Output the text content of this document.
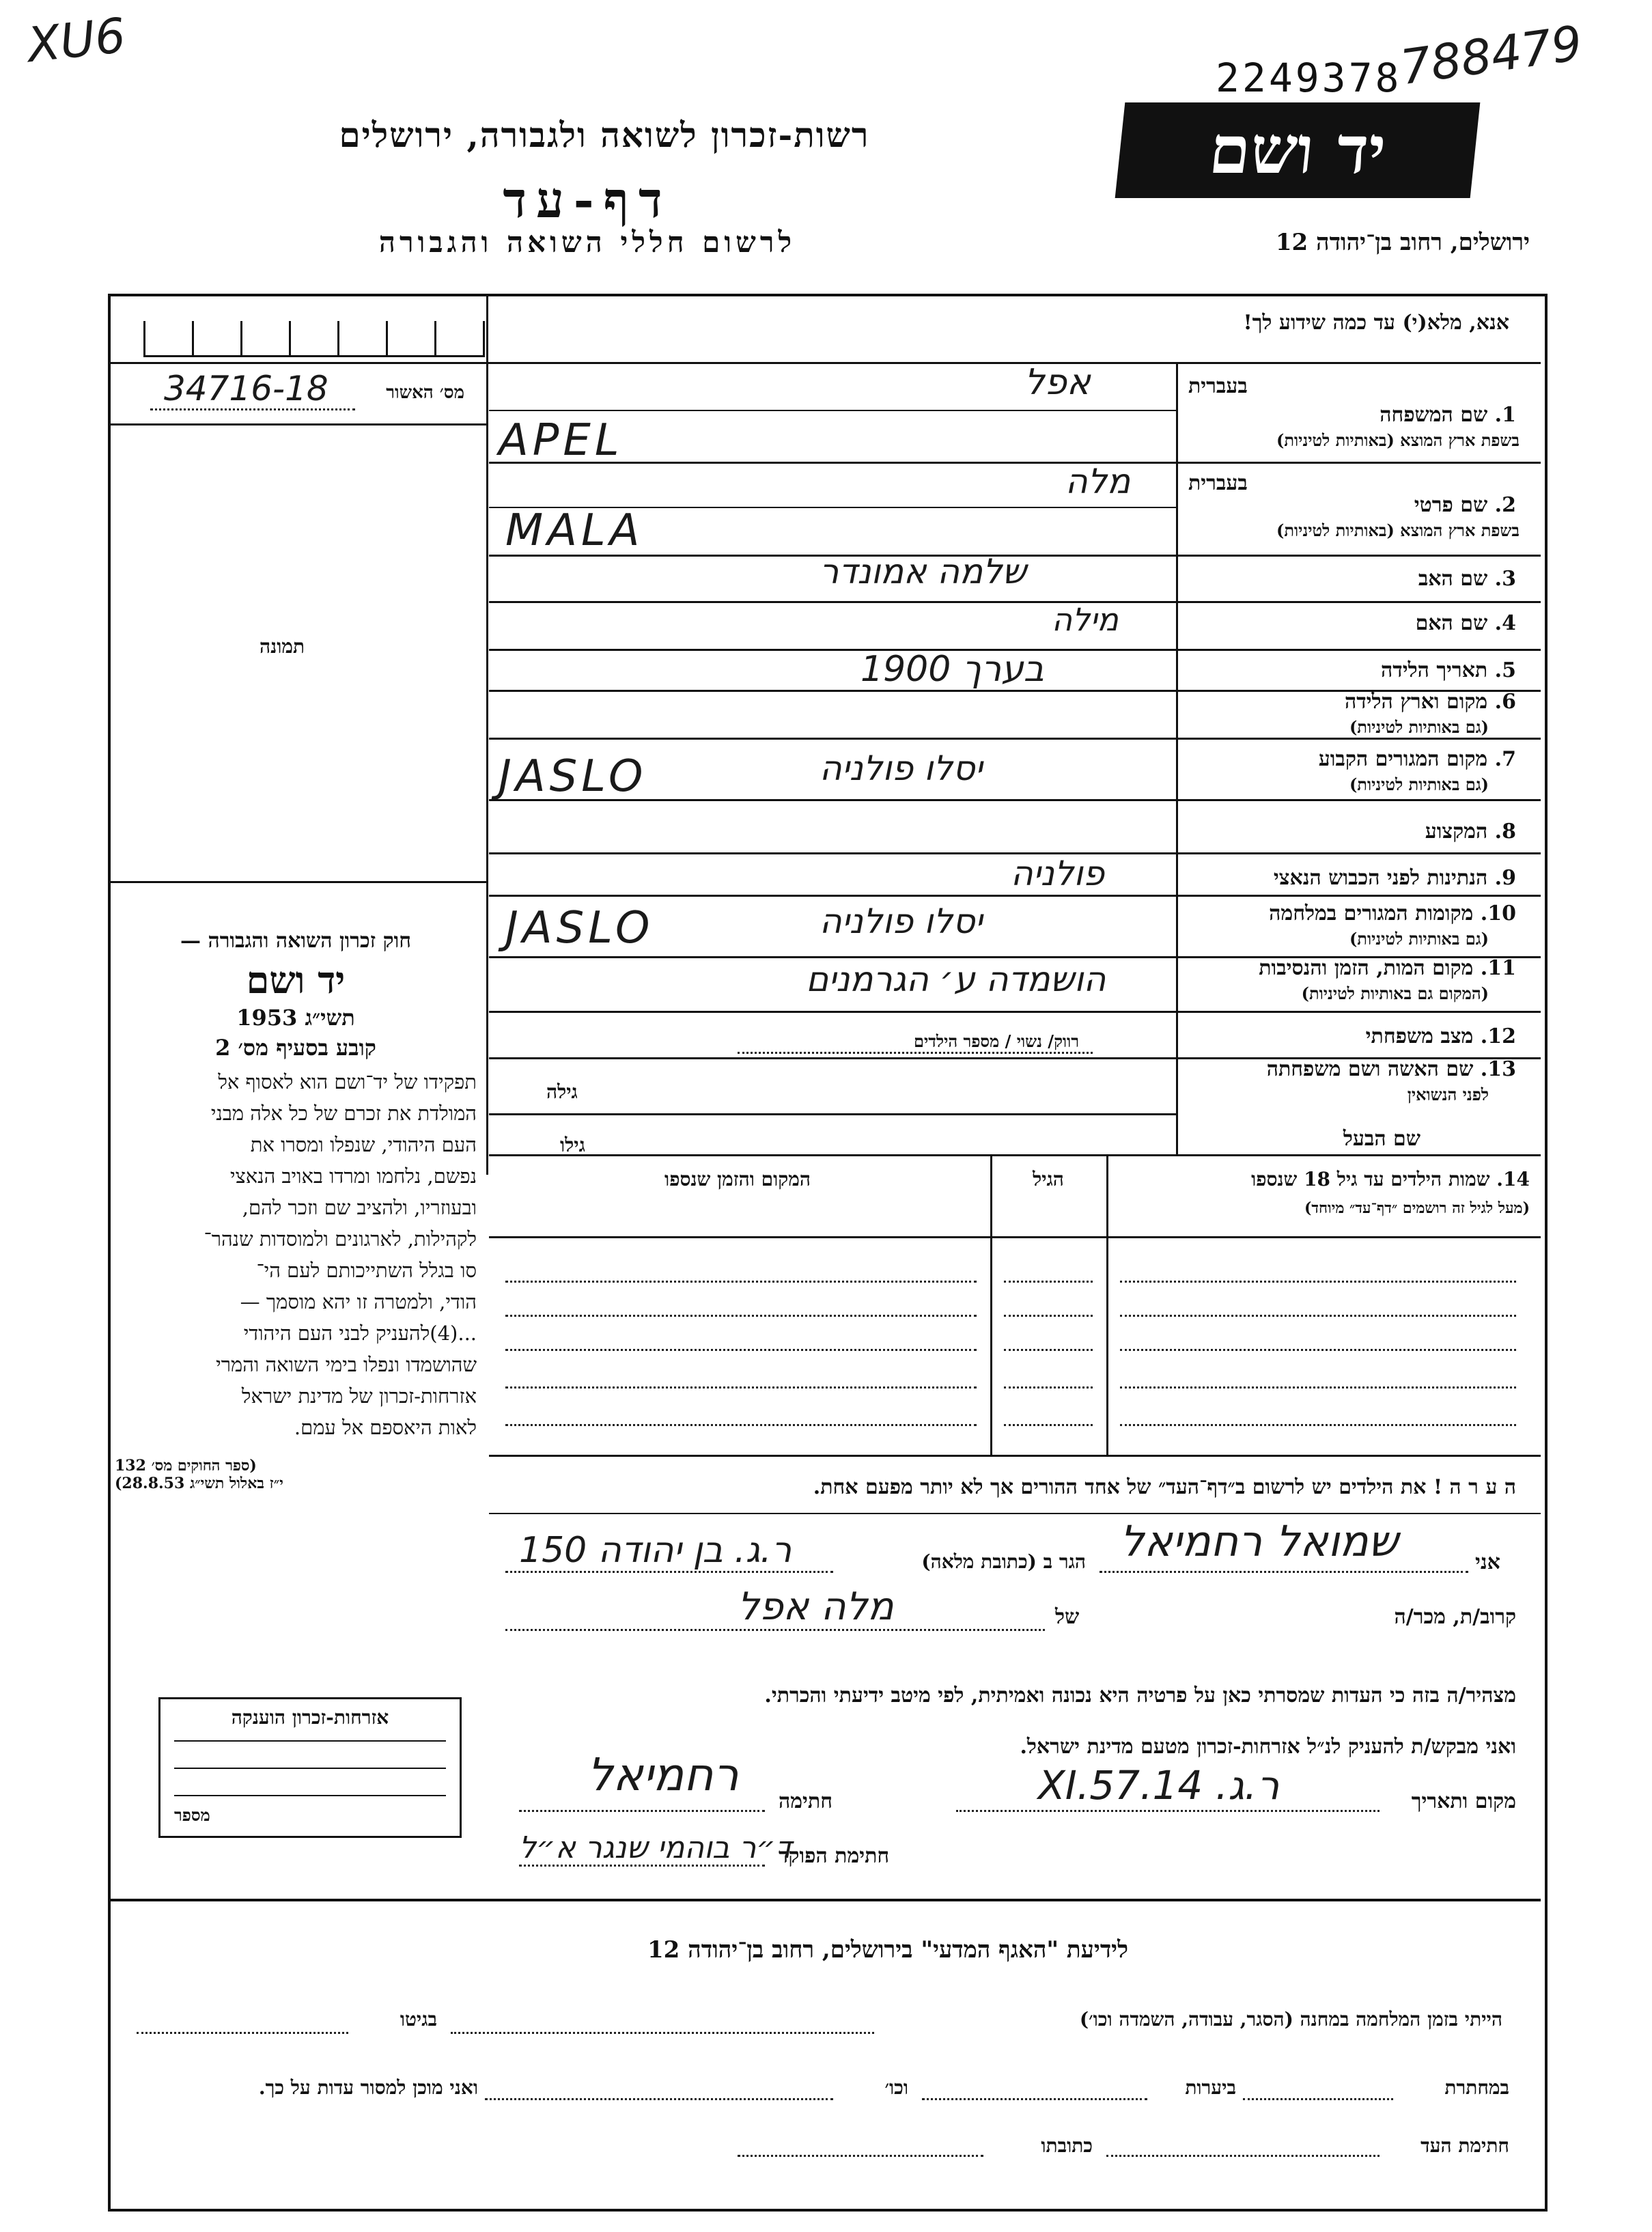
XU6
2249378
788479
רשות-זכרון לשואה ולגבורה, ירושלים
דף-עד
לרשום חללי השואה והגבורה
יד ושם
ירושלים, רחוב בן־יהודה 12
אנא, מלא(י) עד כמה שידוע לך!
מס׳ האשור
34716-18
תמונה
חוק זכרון השואה והגבורה —
יד ושם
תשי״ג 1953
קובע בסעיף מס׳ 2
תפקידו של יד־ושם הוא לאסוף אל
המולדת את זכרם של כל אלה מבני
העם היהודי, שנפלו ומסרו את
נפשם, נלחמו ומרדו באויב הנאצי
ובעוזריו, ולהציב שם וזכר להם,
לקהילות, לארגונים ולמוסדות שנהר־
סו בגלל השתייכותם לעם הי־
הודי, ולמטרה זו יהא מוסמך —
...(4)להעניק לבני העם היהודי
שהושמדו ונפלו בימי השואה והמרי
אזרחות-זכרון של מדינת ישראל
לאות היאספם אל עמם.
(ספר החוקים מס׳ 132
י״ז באלול תשי״ג 28.8.53)
בעברית
1. שם המשפחה
בשפת ארץ המוצא (באותיות לטיניות)
אפל
APEL
בעברית
2. שם פרטי
בשפת ארץ המוצא (באותיות לטיניות)
מלה
MALA
3. שם האב
שלמה אמונדר
4. שם האם
מילה
5. תאריך הלידה
1900 בערך
6. מקום וארץ הלידה
(גם באותיות לטיניות)
7. מקום המגורים הקבוע
(גם באותיות לטיניות)
JASLO	יסלו פולניה
8. המקצוע
9. הנתינות לפני הכבוש הנאצי
פולניה
10. מקומות המגורים במלחמה
(גם באותיות לטיניות)
JASLO	יסלו פולניה
11. מקום המות, הזמן והנסיבות
(המקום גם באותיות לטיניות)
הושמדה ע׳ הגרמנים
12. מצב משפחתי
רווק/ נשוי / מספר הילדים
13. שם האשה ושם משפחתה
לפני הנשואין
גילה
שם הבעל
גילו
14. שמות הילדים עד גיל 18 שנספו
(מעל לגיל זה רושמים ״דף־עד״ מיוחד)
הגיל
המקום והזמן שנספו
ה ע ר ה ! את הילדים יש לרשום ב״דף־העד״ של אחד ההורים אך לא יותר מפעם אחת.
אני
שמואל רחמיאל
הגר ב (כתובת מלאה)
ר.ג. בן יהודה 150
קרוב/ת, מכר/ה
של
מלה אפל
מצהיר/ה בזה כי העדות שמסרתי כאן על פרטיה היא נכונה ואמיתית, לפי מיטב ידיעתי והכרתי.
ואני מבקש/ת להעניק לנ״ל אזרחות-זכרון מטעם מדינת ישראל.
מקום ותאריך
ר.ג. 14.XI.57
חתימה
רחמיאל
חתימת הפוקד
ד״ר בוהמי שנגר א״ל
אזרחות-זכרון הוענקה
מספר
לידיעת "האגף המדעי" בירושלים, רחוב בן־יהודה 12
הייתי בזמן המלחמה במחנה (הסגר, עבודה, השמדה וכו׳)
בגיטו
במחתרת
ביערות
וכו׳
ואני מוכן למסור עדות על כך.
חתימת העד
כתובתו
